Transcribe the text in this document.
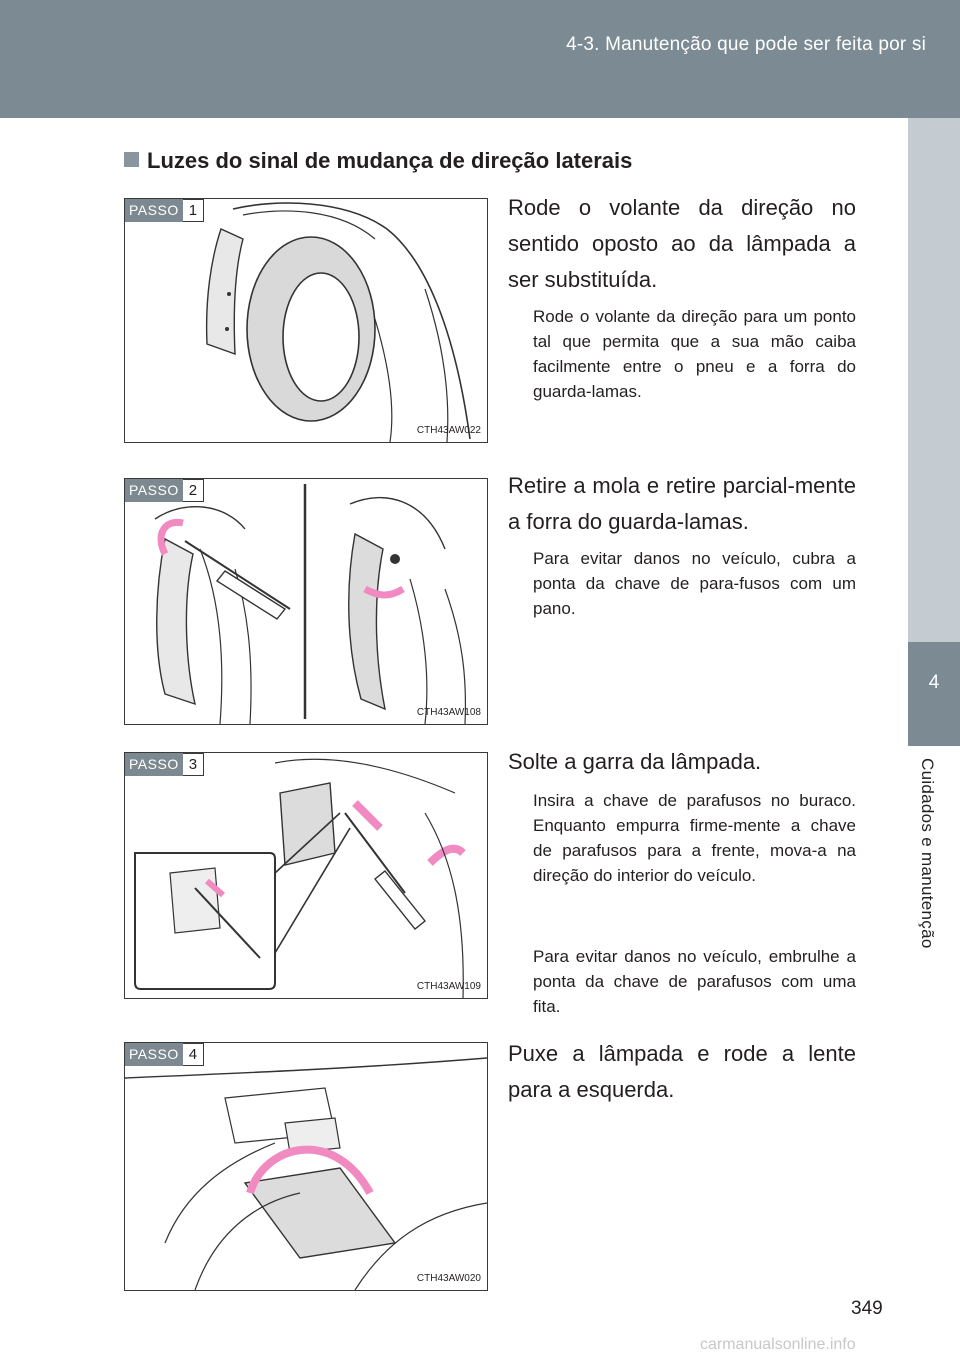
4-3. Manutenção que pode ser feita por si
4
Cuidados e manutenção
Luzes do sinal de mudança de direção laterais
PASSO 1
CTH43AW022
Rode o volante da direção no sentido oposto ao da lâmpada a ser substituída.
Rode o volante da direção para um ponto tal que permita que a sua mão caiba facilmente entre o pneu e a forra do guarda-lamas.
PASSO 2
CTH43AW108
Retire a mola e retire parcial-mente a forra do guarda-lamas.
Para evitar danos no veículo, cubra a ponta da chave de para-fusos com um pano.
PASSO 3
CTH43AW109
Solte a garra da lâmpada.
Insira a chave de parafusos no buraco. Enquanto empurra firme-mente a chave de parafusos para a frente, mova-a na direção do interior do veículo.
Para evitar danos no veículo, embrulhe a ponta da chave de parafusos com uma fita.
PASSO 4
CTH43AW020
Puxe a lâmpada e rode a lente para a esquerda.
349
carmanualsonline.info
